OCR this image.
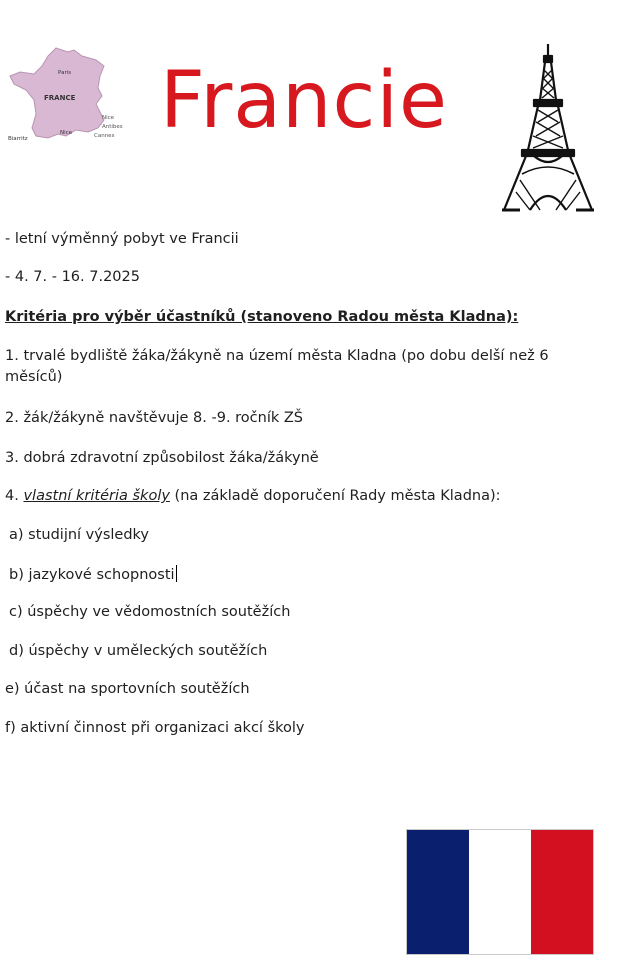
Paris
FRANCE
Biarritz
Nice
Antibes
Cannes
Nice Francie
- letní výměnný pobyt ve Francii
- 4. 7. - 16. 7.2025
Kritéria pro výběr účastníků (stanoveno Radou města Kladna):
1. trvalé bydliště žáka/žákyně na území města Kladna (po dobu delší než 6 měsíců)
2. žák/žákyně navštěvuje 8. -9. ročník ZŠ
3. dobrá zdravotní způsobilost žáka/žákyně
4. vlastní kritéria školy (na základě doporučení Rady města Kladna):
a) studijní výsledky
b) jazykové schopnosti
c) úspěchy ve vědomostních soutěžích
d) úspěchy v uměleckých soutěžích
e) účast na sportovních soutěžích
f) aktivní činnost při organizaci akcí školy
